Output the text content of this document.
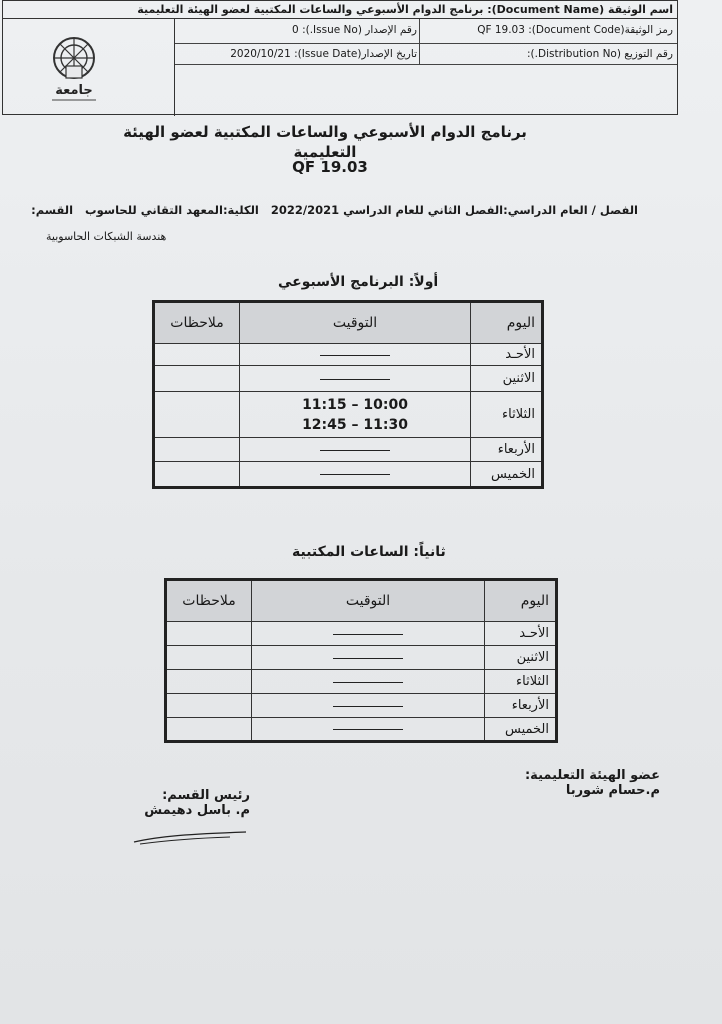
اسم الوثيقة (Document Name): برنامج الدوام الأسبوعي والساعات المكتبية لعضو الهيئة التعليمية
رمز الوثيقة(Document Code): QF 19.03
رقم الإصدار (Issue No.): 0
رقم التوزيع (Distribution No.):
تاريخ الإصدار(Issue Date): 2020/10/21
جامعة
برنامج الدوام الأسبوعي والساعات المكتبية لعضو الهيئة التعليمية
QF 19.03
الفصل / العام الدراسي:الفصل الثاني للعام الدراسي 2022/2021   الكلية:المعهد التقاني للحاسوب   القسم:
هندسة الشبكات الحاسوبية
أولاً: البرنامج الأسبوعي
اليوم	التوقيت	ملاحظات
الأحـد		
الاثنين		
الثلاثاء	11:15 – 10:00
12:45 – 11:30	

الأربعاء		
الخميس		
ثانياً: الساعات المكتبية
اليوم	التوقيت	ملاحظات
الأحـد		
الاثنين		
الثلاثاء		
الأربعاء		
الخميس		
عضو الهيئة التعليمية:
م.حسام شوربا
رئيس القسم:
م. باسل دهيمش
